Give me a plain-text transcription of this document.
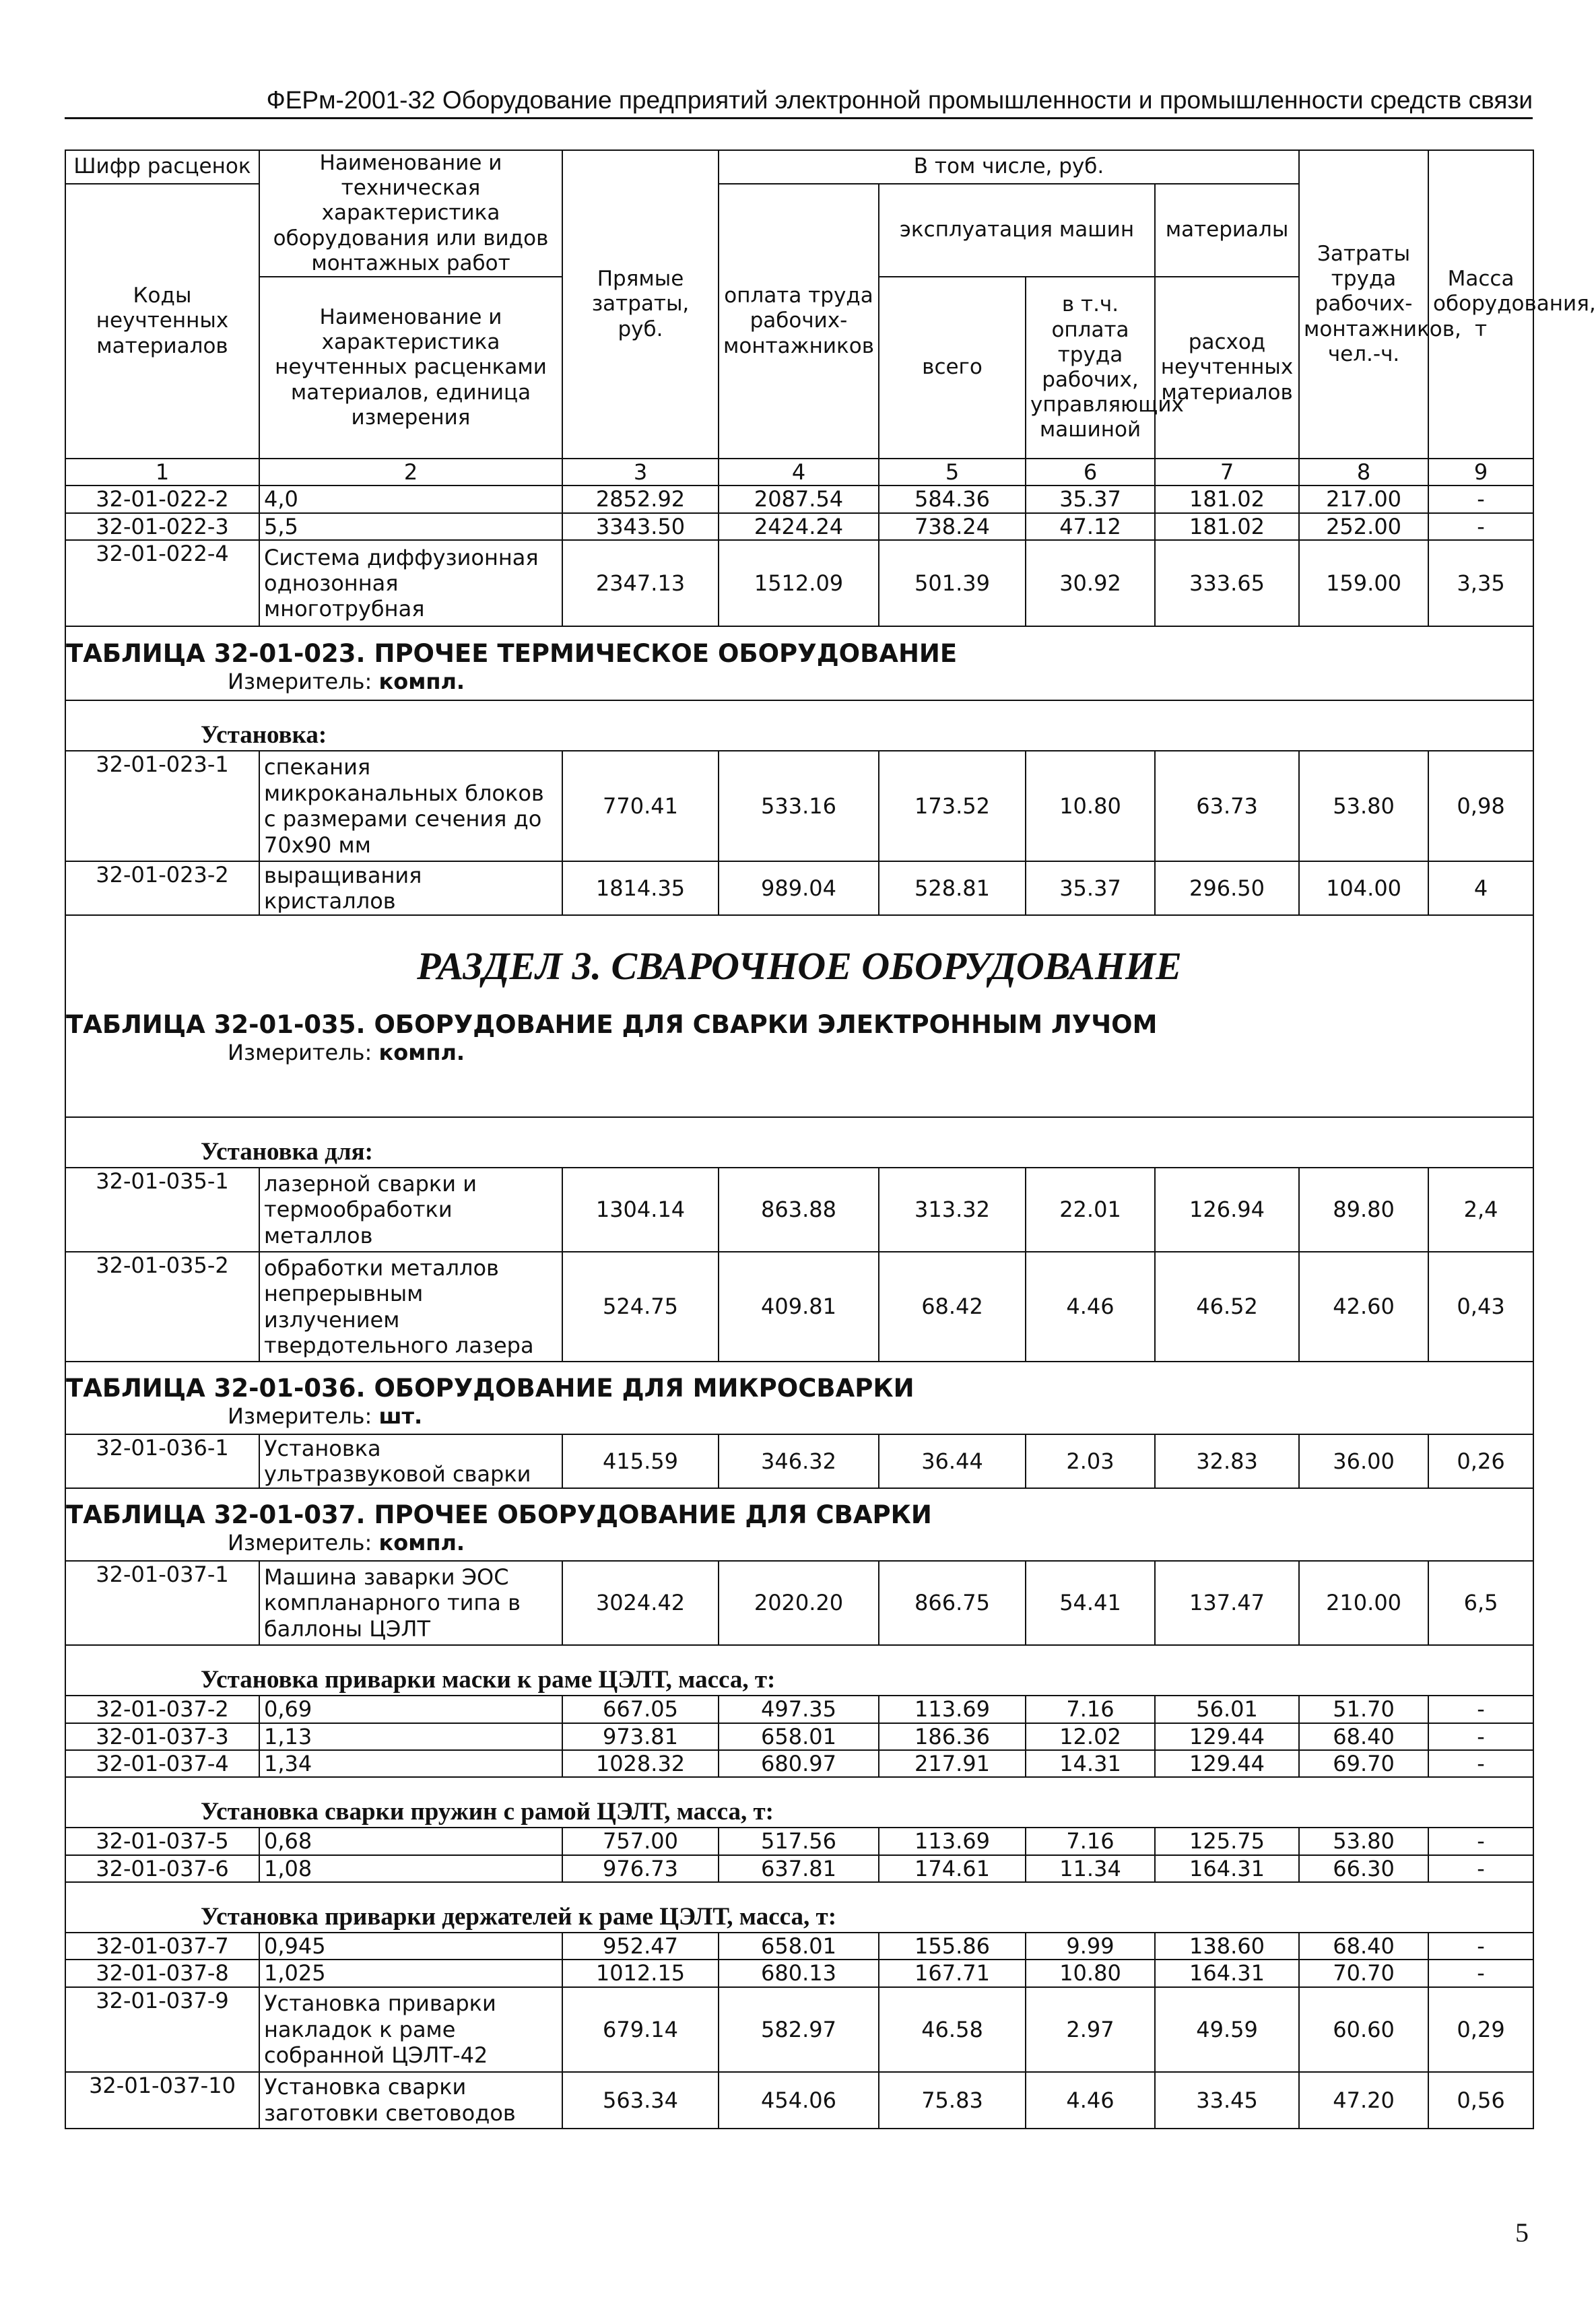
ФЕРм-2001-32 Оборудование предприятий электронной промышленности и промышленности средств связи
Шифр расценок	Наименование и техническая характеристика оборудования или видов монтажных работ	Прямые затраты, руб.	В том числе, руб.				Затраты труда рабочих-монтажников, чел.-ч.	Масса оборудования, т
Коды неучтенных материалов			оплата труда рабочих-монтажников	эксплуатация машин		материалы		
	Наименование и характеристика неучтенных расценками материалов, единица измерения			всего	в т.ч. оплата труда рабочих, управляющих машиной	расход неучтенных материалов		

1	2	3	4	5	6	7	8	9
32-01-022-2	4,0	2852.92	2087.54	584.36	35.37	181.02	217.00	-
32-01-022-3	5,5	3343.50	2424.24	738.24	47.12	181.02	252.00	-
32-01-022-4	Система диффузионная однозонная многотрубная	2347.13	1512.09	501.39	30.92	333.65	159.00	3,35
ТАБЛИЦА 32-01-023. ПРОЧЕЕ ТЕРМИЧЕСКОЕ ОБОРУДОВАНИЕ
Измеритель: компл.								

Установка:								
32-01-023-1	спекания микроканальных блоков с размерами сечения до 70x90 мм	770.41	533.16	173.52	10.80	63.73	53.80	0,98
32-01-023-2	выращивания кристаллов	1814.35	989.04	528.81	35.37	296.50	104.00	4

РАЗДЕЛ 3. СВАРОЧНОЕ ОБОРУДОВАНИЕ
ТАБЛИЦА 32-01-035. ОБОРУДОВАНИЕ ДЛЯ СВАРКИ ЭЛЕКТРОННЫМ ЛУЧОМ
Измеритель: компл.								

Установка для:								
32-01-035-1	лазерной сварки и термообработки металлов	1304.14	863.88	313.32	22.01	126.94	89.80	2,4
32-01-035-2	обработки металлов непрерывным излучением твердотельного лазера	524.75	409.81	68.42	4.46	46.52	42.60	0,43
ТАБЛИЦА 32-01-036. ОБОРУДОВАНИЕ ДЛЯ МИКРОСВАРКИ
Измеритель: шт.								

32-01-036-1	Установка ультразвуковой сварки	415.59	346.32	36.44	2.03	32.83	36.00	0,26
ТАБЛИЦА 32-01-037. ПРОЧЕЕ ОБОРУДОВАНИЕ ДЛЯ СВАРКИ
Измеритель: компл.								

32-01-037-1	Машина заварки ЭОС компланарного типа в баллоны ЦЭЛТ	3024.42	2020.20	866.75	54.41	137.47	210.00	6,5
Установка приварки маски к раме ЦЭЛТ, масса, т:								
32-01-037-2	0,69	667.05	497.35	113.69	7.16	56.01	51.70	-
32-01-037-3	1,13	973.81	658.01	186.36	12.02	129.44	68.40	-
32-01-037-4	1,34	1028.32	680.97	217.91	14.31	129.44	69.70	-
Установка сварки пружин с рамой ЦЭЛТ, масса, т:								
32-01-037-5	0,68	757.00	517.56	113.69	7.16	125.75	53.80	-
32-01-037-6	1,08	976.73	637.81	174.61	11.34	164.31	66.30	-
Установка приварки держателей к раме ЦЭЛТ, масса, т:								
32-01-037-7	0,945	952.47	658.01	155.86	9.99	138.60	68.40	-
32-01-037-8	1,025	1012.15	680.13	167.71	10.80	164.31	70.70	-
32-01-037-9	Установка приварки накладок к раме собранной ЦЭЛТ-42	679.14	582.97	46.58	2.97	49.59	60.60	0,29
32-01-037-10	Установка сварки заготовки световодов	563.34	454.06	75.83	4.46	33.45	47.20	0,56
5
